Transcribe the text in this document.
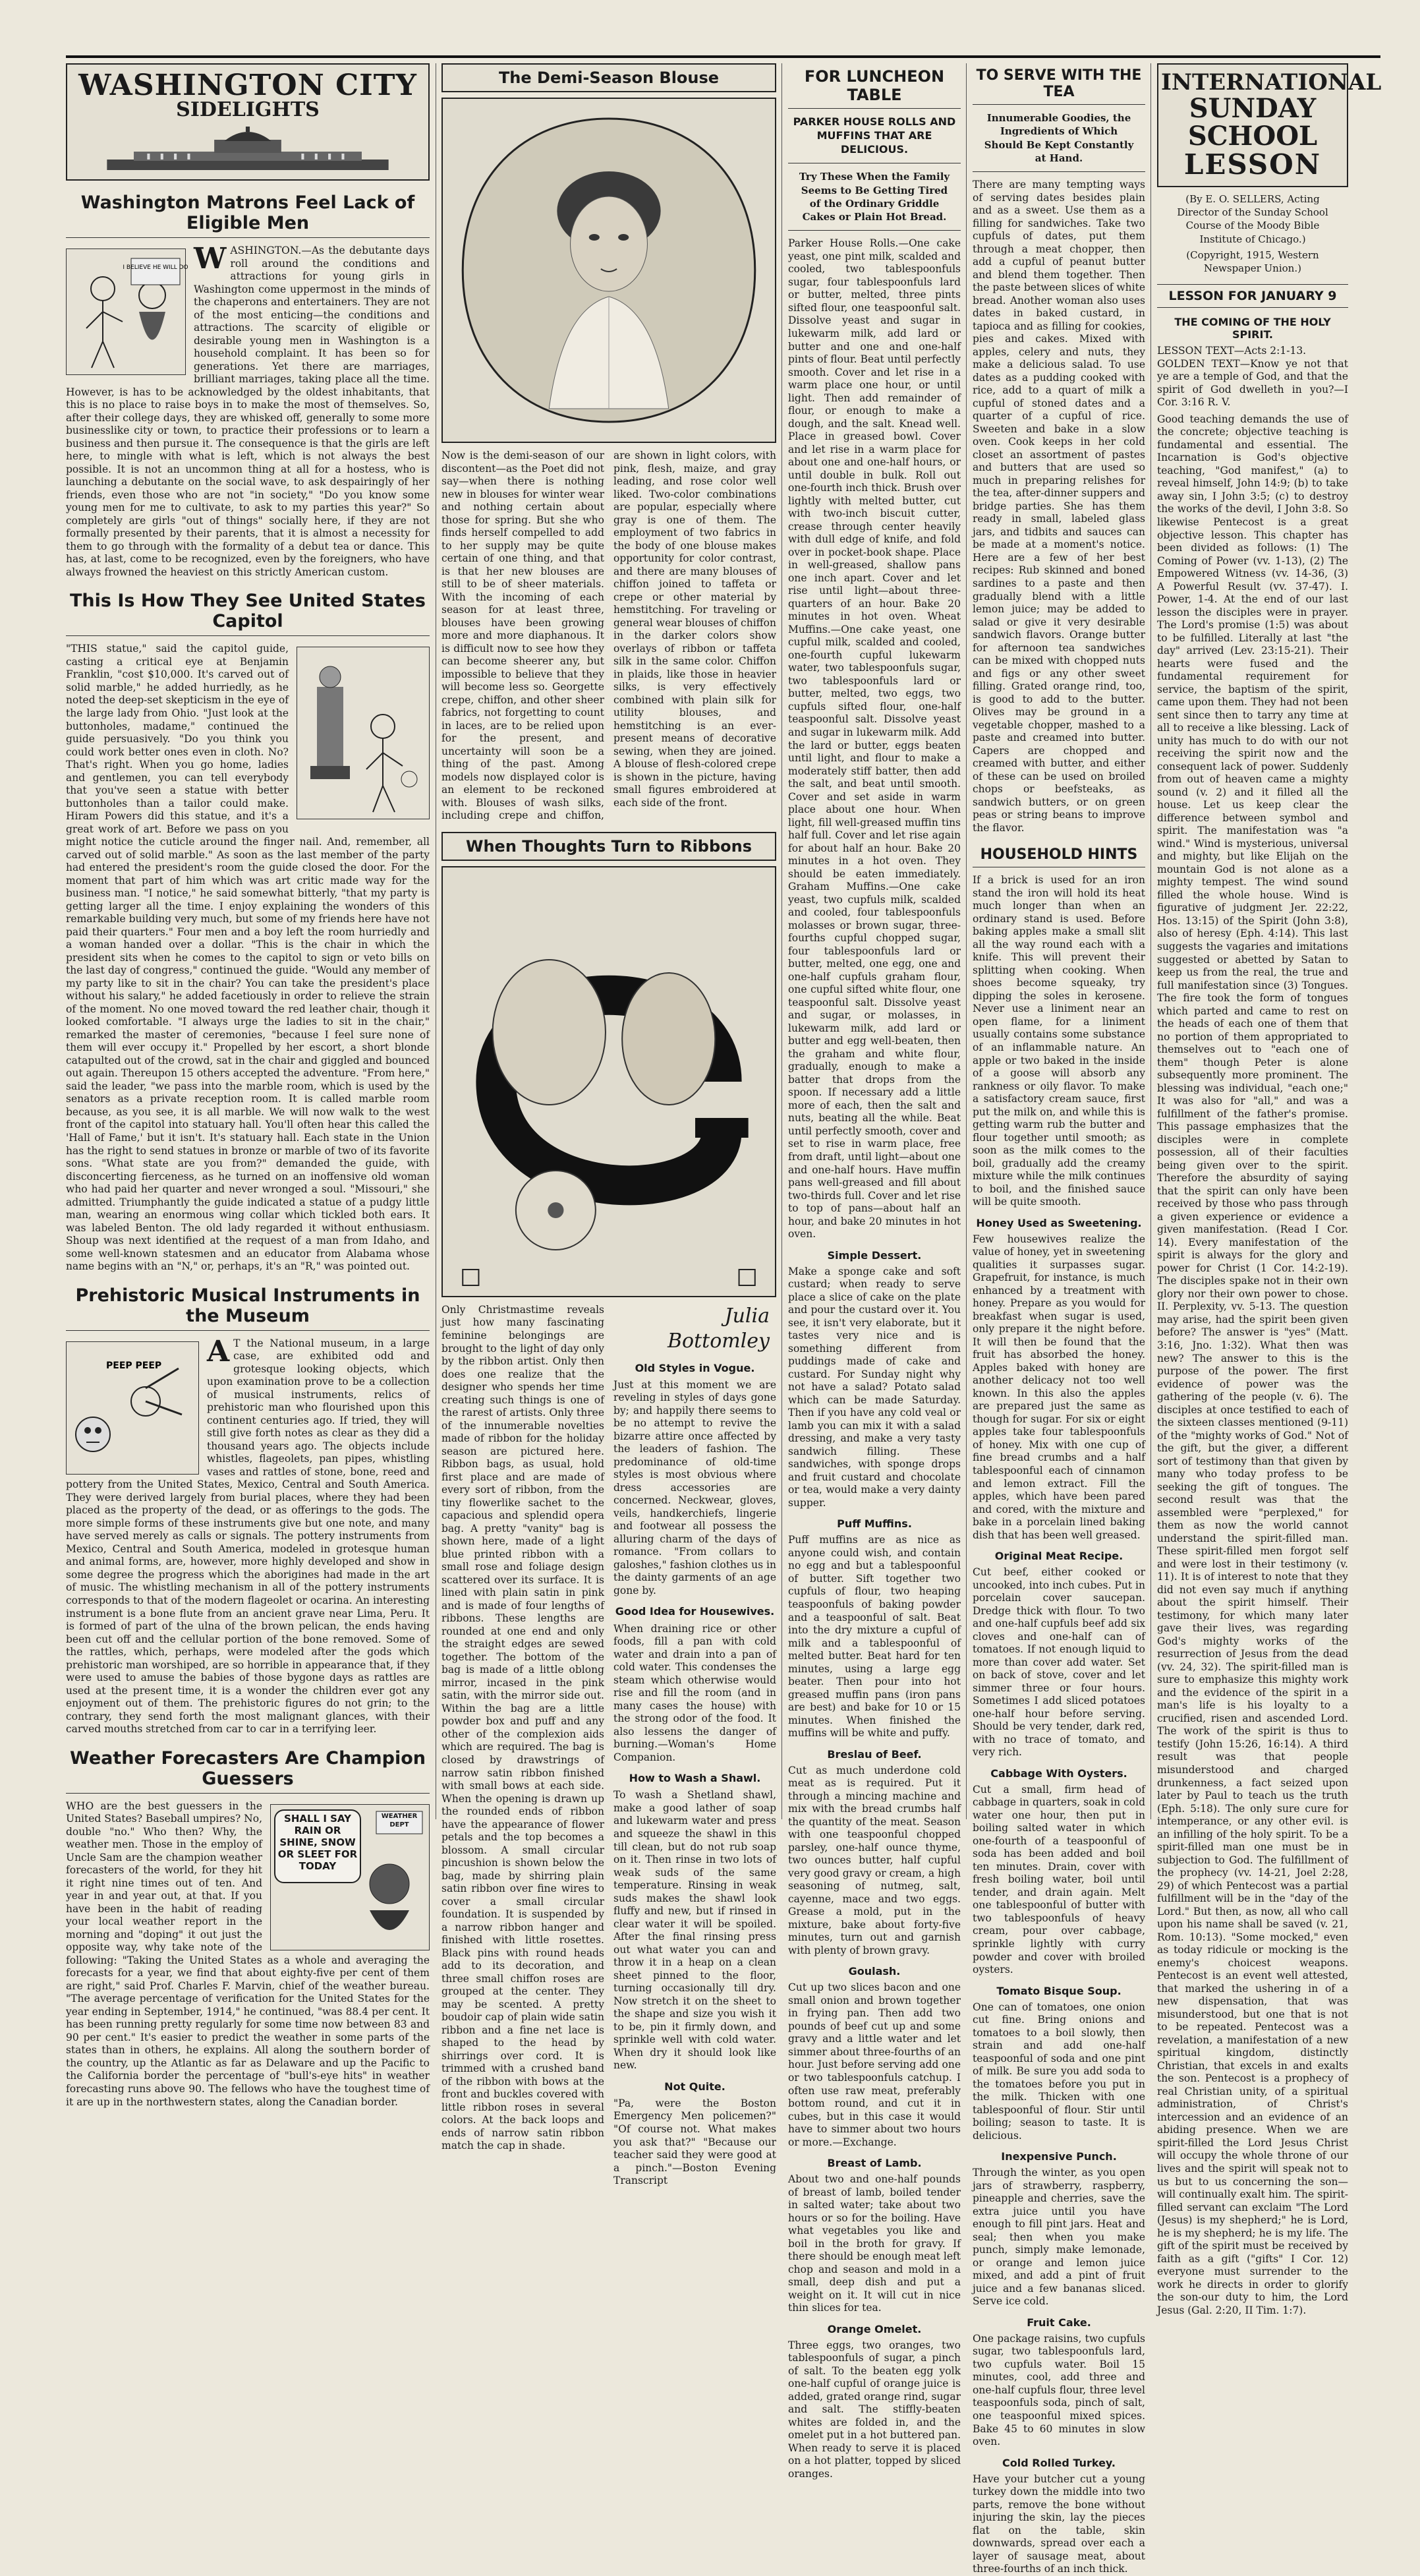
WASHINGTON CITY
SIDELIGHTS
Washington Matrons Feel Lack of Eligible Men
I BELIEVE HE WILL DO W ASHINGTON.—As the debutante days roll around the conditions and attractions for young girls in Washington come uppermost in the minds of the chaperons and entertainers. They are not of the most enticing—the conditions and attractions. The scarcity of eligible or desirable young men in Washington is a household complaint. It has been so for generations. Yet there are marriages, brilliant marriages, taking place all the time. However, is has to be acknowledged by the oldest inhabitants, that this is no place to raise boys in to make the most of themselves. So, after their college days, they are whisked off, generally to some more businesslike city or town, to practice their professions or to learn a business and then pursue it. The consequence is that the girls are left here, to mingle with what is left, which is not always the best possible. It is not an uncommon thing at all for a hostess, who is launching a debutante on the social wave, to ask despairingly of her friends, even those who are not "in society," "Do you know some young men for me to cultivate, to ask to my parties this year?" So completely are girls "out of things" socially here, if they are not formally presented by their parents, that it is almost a necessity for them to go through with the formality of a debut tea or dance. This has, at last, come to be recognized, even by the foreigners, who have always frowned the heaviest on this strictly American custom.
This Is How They See United States Capitol
"THIS statue," said the capitol guide, casting a critical eye at Benjamin Franklin, "cost $10,000. It's carved out of solid marble," he added hurriedly, as he noted the deep-set skepticism in the eye of the large lady from Ohio. "Just look at the buttonholes, madame," continued the guide persuasively. "Do you think you could work better ones even in cloth. No? That's right. When you go home, ladies and gentlemen, you can tell everybody that you've seen a statue with better buttonholes than a tailor could make. Hiram Powers did this statue, and it's a great work of art. Before we pass on you might notice the cuticle around the finger nail. And, remember, all carved out of solid marble." As soon as the last member of the party had entered the president's room the guide closed the door. For the moment that part of him which was art critic made way for the business man. "I notice," he said somewhat bitterly, "that my party is getting larger all the time. I enjoy explaining the wonders of this remarkable building very much, but some of my friends here have not paid their quarters." Four men and a boy left the room hurriedly and a woman handed over a dollar. "This is the chair in which the president sits when he comes to the capitol to sign or veto bills on the last day of congress," continued the guide. "Would any member of my party like to sit in the chair? You can take the president's place without his salary," he added facetiously in order to relieve the strain of the moment. No one moved toward the red leather chair, though it looked comfortable. "I always urge the ladies to sit in the chair," remarked the master of ceremonies, "because I feel sure none of them will ever occupy it." Propelled by her escort, a short blonde catapulted out of the crowd, sat in the chair and giggled and bounced out again. Thereupon 15 others accepted the adventure. "From here," said the leader, "we pass into the marble room, which is used by the senators as a private reception room. It is called marble room because, as you see, it is all marble. We will now walk to the west front of the capitol into statuary hall. You'll often hear this called the 'Hall of Fame,' but it isn't. It's statuary hall. Each state in the Union has the right to send statues in bronze or marble of two of its favorite sons. "What state are you from?" demanded the guide, with disconcerting fierceness, as he turned on an inoffensive old woman who had paid her quarter and never wronged a soul. "Missouri," she admitted. Triumphantly the guide indicated a statue of a pudgy little man, wearing an enormous wing collar which tickled both ears. It was labeled Benton. The old lady regarded it without enthusiasm. Shoup was next identified at the request of a man from Idaho, and some well-known statesmen and an educator from Alabama whose name begins with an "N," or, perhaps, it's an "R," was pointed out.
Prehistoric Musical Instruments in the Museum
PEEP PEEP A T the National museum, in a large case, are exhibited odd and grotesque looking objects, which upon examination prove to be a collection of musical instruments, relics of prehistoric man who flourished upon this continent centuries ago. If tried, they will still give forth notes as clear as they did a thousand years ago. The objects include whistles, flageolets, pan pipes, whistling vases and rattles of stone, bone, reed and pottery from the United States, Mexico, Central and South America. They were derived largely from burial places, where they had been placed as the property of the dead, or as offerings to the gods. The more simple forms of these instruments give but one note, and many have served merely as calls or signals. The pottery instruments from Mexico, Central and South America, modeled in grotesque human and animal forms, are, however, more highly developed and show in some degree the progress which the aborigines had made in the art of music. The whistling mechanism in all of the pottery instruments corresponds to that of the modern flageolet or ocarina. An interesting instrument is a bone flute from an ancient grave near Lima, Peru. It is formed of part of the ulna of the brown pelican, the ends having been cut off and the cellular portion of the bone removed. Some of the rattles, which, perhaps, were modeled after the gods which prehistoric man worshiped, are so horrible in appearance that, if they were used to amuse the babies of those bygone days as rattles are used at the present time, it is a wonder the children ever got any enjoyment out of them. The prehistoric figures do not grin; to the contrary, they send forth the most malignant glances, with their carved mouths stretched from car to car in a terrifying leer.
Weather Forecasters Are Champion Guessers
SHALL I SAY RAIN OR SHINE, SNOW OR SLEET FOR TODAY
WEATHER DEPT
WHO are the best guessers in the United States? Baseball umpires? No, double "no." Who then? Why, the weather men. Those in the employ of Uncle Sam are the champion weather forecasters of the world, for they hit it right nine times out of ten. And year in and year out, at that. If you have been in the habit of reading your local weather report in the morning and "doping" it out just the opposite way, why take note of the following: "Taking the United States as a whole and averaging the forecasts for a year, we find that about eighty-five per cent of them are right," said Prof. Charles F. Marvin, chief of the weather bureau. "The average percentage of verification for the United States for the year ending in September, 1914," he continued, "was 88.4 per cent. It has been running pretty regularly for some time now between 83 and 90 per cent." It's easier to predict the weather in some parts of the states than in others, he explains. All along the southern border of the country, up the Atlantic as far as Delaware and up the Pacific to the California border the percentage of "bull's-eye hits" in weather forecasting runs above 90. The fellows who have the toughest time of it are up in the northwestern states, along the Canadian border.
The Demi-Season Blouse
Now is the demi-season of our discontent—as the Poet did not say—when there is nothing new in blouses for winter wear and nothing certain about those for spring. But she who finds herself compelled to add to her supply may be quite certain of one thing, and that is that her new blouses are still to be of sheer materials. With the incoming of each season for at least three, blouses have been growing more and more diaphanous. It is difficult now to see how they can become sheerer any, but impossible to believe that they will become less so. Georgette crepe, chiffon, and other sheer fabrics, not forgetting to count in laces, are to be relied upon for the present, and uncertainty will soon be a thing of the past. Among models now displayed color is an element to be reckoned with. Blouses of wash silks, including crepe and chiffon, are shown in light colors, with pink, flesh, maize, and gray leading, and rose color well liked. Two-color combinations are popular, especially where gray is one of them. The employment of two fabrics in the body of one blouse makes opportunity for color contrast, and there are many blouses of chiffon joined to taffeta or crepe or other material by hemstitching. For traveling or general wear blouses of chiffon in the darker colors show overlays of ribbon or taffeta silk in the same color. Chiffon in plaids, like those in heavier silks, is very effectively combined with plain silk for utility blouses, and hemstitching is an ever-present means of decorative sewing, when they are joined. A blouse of flesh-colored crepe is shown in the picture, having small figures embroidered at each side of the front.
When Thoughts Turn to Ribbons
Only Christmastime reveals just how many fascinating feminine belongings are brought to the light of day only by the ribbon artist. Only then does one realize that the designer who spends her time creating such things is one of the rarest of artists. Only three of the innumerable novelties made of ribbon for the holiday season are pictured here. Ribbon bags, as usual, hold first place and are made of every sort of ribbon, from the tiny flowerlike sachet to the capacious and splendid opera bag. A pretty "vanity" bag is shown here, made of a light blue printed ribbon with a small rose and foliage design scattered over its surface. It is lined with plain satin in pink and is made of four lengths of ribbons. These lengths are rounded at one end and only the straight edges are sewed together. The bottom of the bag is made of a little oblong mirror, incased in the pink satin, with the mirror side out. Within the bag are a little powder box and puff and any other of the complexion aids which are required. The bag is closed by drawstrings of narrow satin ribbon finished with small bows at each side. When the opening is drawn up the rounded ends of ribbon have the appearance of flower petals and the top becomes a blossom. A small circular pincushion is shown below the bag, made by shirring plain satin ribbon over fine wires to cover a small circular foundation. It is suspended by a narrow ribbon hanger and finished with little rosettes. Black pins with round heads add to its decoration, and three small chiffon roses are grouped at the center. They may be scented. A pretty boudoir cap of plain wide satin ribbon and a fine net lace is shaped to the head by shirrings over cord. It is trimmed with a crushed band of the ribbon with bows at the front and buckles covered with little ribbon roses in several colors. At the back loops and ends of narrow satin ribbon match the cap in shade.
Julia Bottomley
Old Styles in Vogue.
Just at this moment we are reveling in styles of days gone by; and happily there seems to be no attempt to revive the bizarre attire once affected by the leaders of fashion. The predominance of old-time styles is most obvious where dress accessories are concerned. Neckwear, gloves, veils, handkerchiefs, lingerie and footwear all possess the alluring charm of the days of romance. "From collars to galoshes," fashion clothes us in the dainty garments of an age gone by.
Good Idea for Housewives.
When draining rice or other foods, fill a pan with cold water and drain into a pan of cold water. This condenses the steam which otherwise would rise and fill the room (and in many cases the house) with the strong odor of the food. It also lessens the danger of burning.—Woman's Home Companion.
How to Wash a Shawl.
To wash a Shetland shawl, make a good lather of soap and lukewarm water and press and squeeze the shawl in this till clean, but do not rub soap on it. Then rinse in two lots of weak suds of the same temperature. Rinsing in weak suds makes the shawl look fluffy and new, but if rinsed in clear water it will be spoiled. After the final rinsing press out what water you can and throw it in a heap on a clean sheet pinned to the floor, turning occasionally till dry. Now stretch it on the sheet to the shape and size you wish it to be, pin it firmly down, and sprinkle well with cold water. When dry it should look like new.
Not Quite.
"Pa, were the Boston Emergency Men policemen?" "Of course not. What makes you ask that?" "Because our teacher said they were good at a pinch."—Boston Evening Transcript
FOR LUNCHEON TABLE
PARKER HOUSE ROLLS AND MUFFINS THAT ARE DELICIOUS.
Try These When the Family Seems to Be Getting Tired of the Ordinary Griddle Cakes or Plain Hot Bread.
Parker House Rolls.—One cake yeast, one pint milk, scalded and cooled, two tablespoonfuls sugar, four tablespoonfuls lard or butter, melted, three pints sifted flour, one teaspoonful salt. Dissolve yeast and sugar in lukewarm milk, add lard or butter and one and one-half pints of flour. Beat until perfectly smooth. Cover and let rise in a warm place one hour, or until light. Then add remainder of flour, or enough to make a dough, and the salt. Knead well. Place in greased bowl. Cover and let rise in a warm place for about one and one-half hours, or until double in bulk. Roll out one-fourth inch thick. Brush over lightly with melted butter, cut with two-inch biscuit cutter, crease through center heavily with dull edge of knife, and fold over in pocket-book shape. Place in well-greased, shallow pans one inch apart. Cover and let rise until light—about three-quarters of an hour. Bake 20 minutes in hot oven. Wheat Muffins.—One cake yeast, one cupful milk, scalded and cooled, one-fourth cupful lukewarm water, two tablespoonfuls sugar, two tablespoonfuls lard or butter, melted, two eggs, two cupfuls sifted flour, one-half teaspoonful salt. Dissolve yeast and sugar in lukewarm milk. Add the lard or butter, eggs beaten until light, and flour to make a moderately stiff batter, then add the salt, and beat until smooth. Cover and set aside in warm place about one hour. When light, fill well-greased muffin tins half full. Cover and let rise again for about half an hour. Bake 20 minutes in a hot oven. They should be eaten immediately. Graham Muffins.—One cake yeast, two cupfuls milk, scalded and cooled, four tablespoonfuls molasses or brown sugar, three-fourths cupful chopped sugar, four tablespoonfuls lard or butter, melted, one egg, one and one-half cupfuls graham flour, one cupful sifted white flour, one teaspoonful salt. Dissolve yeast and sugar, or molasses, in lukewarm milk, add lard or butter and egg well-beaten, then the graham and white flour, gradually, enough to make a batter that drops from the spoon. If necessary add a little more of each, then the salt and nuts, beating all the while. Beat until perfectly smooth, cover and set to rise in warm place, free from draft, until light—about one and one-half hours. Have muffin pans well-greased and fill about two-thirds full. Cover and let rise to top of pans—about half an hour, and bake 20 minutes in hot oven.
Simple Dessert.
Make a sponge cake and soft custard; when ready to serve place a slice of cake on the plate and pour the custard over it. You see, it isn't very elaborate, but it tastes very nice and is something different from puddings made of cake and custard. For Sunday night why not have a salad? Potato salad which can be made Saturday. Then if you have any cold veal or lamb you can mix it with a salad dressing, and make a very tasty sandwich filling. These sandwiches, with sponge drops and fruit custard and chocolate or tea, would make a very dainty supper.
Puff Muffins.
Puff muffins are as nice as anyone could wish, and contain no egg and but a tablespoonful of butter. Sift together two cupfuls of flour, two heaping teaspoonfuls of baking powder and a teaspoonful of salt. Beat into the dry mixture a cupful of milk and a tablespoonful of melted butter. Beat hard for ten minutes, using a large egg beater. Then pour into hot greased muffin pans (iron pans are best) and bake for 10 or 15 minutes. When finished the muffins will be white and puffy.
Breslau of Beef.
Cut as much underdone cold meat as is required. Put it through a mincing machine and mix with the bread crumbs half the quantity of the meat. Season with one teaspoonful chopped parsley, one-half ounce thyme, two ounces butter, half cupful very good gravy or cream, a high seasoning of nutmeg, salt, cayenne, mace and two eggs. Grease a mold, put in the mixture, bake about forty-five minutes, turn out and garnish with plenty of brown gravy.
Goulash.
Cut up two slices bacon and one small onion and brown together in frying pan. Then add two pounds of beef cut up and some gravy and a little water and let simmer about three-fourths of an hour. Just before serving add one or two tablespoonfuls catchup. I often use raw meat, preferably bottom round, and cut it in cubes, but in this case it would have to simmer about two hours or more.—Exchange.
Breast of Lamb.
About two and one-half pounds of breast of lamb, boiled tender in salted water; take about two hours or so for the boiling. Have what vegetables you like and boil in the broth for gravy. If there should be enough meat left chop and season and mold in a small, deep dish and put a weight on it. It will cut in nice thin slices for tea.
Orange Omelet.
Three eggs, two oranges, two tablespoonfuls of sugar, a pinch of salt. To the beaten egg yolk one-half cupful of orange juice is added, grated orange rind, sugar and salt. The stiffly-beaten whites are folded in, and the omelet put in a hot buttered pan. When ready to serve it is placed on a hot platter, topped by sliced oranges.
TO SERVE WITH THE TEA
Innumerable Goodies, the Ingredients of Which Should Be Kept Constantly at Hand.
There are many tempting ways of serving dates besides plain and as a sweet. Use them as a filling for sandwiches. Take two cupfuls of dates, put them through a meat chopper, then add a cupful of peanut butter and blend them together. Then the paste between slices of white bread. Another woman also uses dates in baked custard, in tapioca and as filling for cookies, pies and cakes. Mixed with apples, celery and nuts, they make a delicious salad. To use dates as a pudding cooked with rice, add to a quart of milk a cupful of stoned dates and a quarter of a cupful of rice. Sweeten and bake in a slow oven. Cook keeps in her cold closet an assortment of pastes and butters that are used so much in preparing relishes for the tea, after-dinner suppers and bridge parties. She has them ready in small, labeled glass jars, and tidbits and sauces can be made at a moment's notice. Here are a few of her best recipes: Rub skinned and boned sardines to a paste and then gradually blend with a little lemon juice; may be added to salad or give it very desirable sandwich flavors. Orange butter for afternoon tea sandwiches can be mixed with chopped nuts and figs or any other sweet filling. Grated orange rind, too, is good to add to the butter. Olives may be ground in a vegetable chopper, mashed to a paste and creamed into butter. Capers are chopped and creamed with butter, and either of these can be used on broiled chops or beefsteaks, as sandwich butters, or on green peas or string beans to improve the flavor.
HOUSEHOLD HINTS
If a brick is used for an iron stand the iron will hold its heat much longer than when an ordinary stand is used. Before baking apples make a small slit all the way round each with a knife. This will prevent their splitting when cooking. When shoes become squeaky, try dipping the soles in kerosene. Never use a liniment near an open flame, for a liniment usually contains some substance of an inflammable nature. An apple or two baked in the inside of a goose will absorb any rankness or oily flavor. To make a satisfactory cream sauce, first put the milk on, and while this is getting warm rub the butter and flour together until smooth; as soon as the milk comes to the boil, gradually add the creamy mixture while the milk continues to boil, and the finished sauce will be quite smooth.
Honey Used as Sweetening.
Few housewives realize the value of honey, yet in sweetening qualities it surpasses sugar. Grapefruit, for instance, is much enhanced by a treatment with honey. Prepare as you would for breakfast when sugar is used, only prepare it the night before. It will then be found that the fruit has absorbed the honey. Apples baked with honey are another delicacy not too well known. In this also the apples are prepared just the same as though for sugar. For six or eight apples take four tablespoonfuls of honey. Mix with one cup of fine bread crumbs and a half tablespoonful each of cinnamon and lemon extract. Fill the apples, which have been pared and cored, with the mixture and bake in a porcelain lined baking dish that has been well greased.
Original Meat Recipe.
Cut beef, either cooked or uncooked, into inch cubes. Put in porcelain cover saucepan. Dredge thick with flour. To two and one-half cupfuls beef add six cloves and one-half can of tomatoes. If not enough liquid to more than cover add water. Set on back of stove, cover and let simmer three or four hours. Sometimes I add sliced potatoes one-half hour before serving. Should be very tender, dark red, with no trace of tomato, and very rich.
Cabbage With Oysters.
Cut a small, firm head of cabbage in quarters, soak in cold water one hour, then put in boiling salted water in which one-fourth of a teaspoonful of soda has been added and boil ten minutes. Drain, cover with fresh boiling water, boil until tender, and drain again. Melt one tablespoonful of butter with two tablespoonfuls of heavy cream, pour over cabbage, sprinkle lightly with curry powder and cover with broiled oysters.
Tomato Bisque Soup.
One can of tomatoes, one onion cut fine. Bring onions and tomatoes to a boil slowly, then strain and add one-half teaspoonful of soda and one pint of milk. Be sure you add soda to the tomatoes before you put in the milk. Thicken with one tablespoonful of flour. Stir until boiling; season to taste. It is delicious.
Inexpensive Punch.
Through the winter, as you open jars of strawberry, raspberry, pineapple and cherries, save the extra juice until you have enough to fill pint jars. Heat and seal; then when you make punch, simply make lemonade, or orange and lemon juice mixed, and add a pint of fruit juice and a few bananas sliced. Serve ice cold.
Fruit Cake.
One package raisins, two cupfuls sugar, two tablespoonfuls lard, two cupfuls water. Boil 15 minutes, cool, add three and one-half cupfuls flour, three level teaspoonfuls soda, pinch of salt, one teaspoonful mixed spices. Bake 45 to 60 minutes in slow oven.
Cold Rolled Turkey.
Have your butcher cut a young turkey down the middle into two parts, remove the bone without injuring the skin, lay the pieces flat on the table, skin downwards, spread over each a layer of sausage meat, about three-fourths of an inch thick.
INTERNATIONAL
SUNDAY SCHOOL
LESSON
(By E. O. SELLERS, Acting Director of the Sunday School Course of the Moody Bible Institute of Chicago.)
(Copyright, 1915, Western Newspaper Union.)
LESSON FOR JANUARY 9
THE COMING OF THE HOLY SPIRIT.
LESSON TEXT—Acts 2:1-13.
GOLDEN TEXT—Know ye not that ye are a temple of God, and that the spirit of God dwelleth in you?—I Cor. 3:16 R. V.
Good teaching demands the use of the concrete; objective teaching is fundamental and essential. The Incarnation is God's objective teaching, "God manifest," (a) to reveal himself, John 14:9; (b) to take away sin, I John 3:5; (c) to destroy the works of the devil, I John 3:8. So likewise Pentecost is a great objective lesson. This chapter has been divided as follows: (1) The Coming of Power (vv. 1-13), (2) The Empowered Witness (vv. 14-36, (3) A Powerful Result (vv. 37-47). I. Power, 1-4. At the end of our last lesson the disciples were in prayer. The Lord's promise (1:5) was about to be fulfilled. Literally at last "the day" arrived (Lev. 23:15-21). Their hearts were fused and the fundamental requirement for service, the baptism of the spirit, came upon them. They had not been sent since then to tarry any time at all to receive a like blessing. Lack of unity has much to do with our not receiving the spirit now and the consequent lack of power. Suddenly from out of heaven came a mighty sound (v. 2) and it filled all the house. Let us keep clear the difference between symbol and spirit. The manifestation was "a wind." Wind is mysterious, universal and mighty, but like Elijah on the mountain God is not alone as a mighty tempest. The wind sound filled the whole house. Wind is figurative of judgment Jer. 22:22, Hos. 13:15) of the Spirit (John 3:8), also of heresy (Eph. 4:14). This last suggests the vagaries and imitations suggested or abetted by Satan to keep us from the real, the true and full manifestation since (3) Tongues. The fire took the form of tongues which parted and came to rest on the heads of each one of them that no portion of them appropriated to themselves out to "each one of them" though Peter is alone subsequently more prominent. The blessing was individual, "each one;" It was also for "all," and was a fulfillment of the father's promise. This passage emphasizes that the disciples were in complete possession, all of their faculties being given over to the spirit. Therefore the absurdity of saying that the spirit can only have been received by those who pass through a given experience or evidence a given manifestation. (Read I Cor. 14). Every manifestation of the spirit is always for the glory and power for Christ (1 Cor. 14:2-19). The disciples spake not in their own glory nor their own power to chose. II. Perplexity, vv. 5-13. The question may arise, had the spirit been given before? The answer is "yes" (Matt. 3:16, Jno. 1:32). What then was new? The answer to this is the purpose of the power. The first evidence of power was the gathering of the people (v. 6). The disciples at once testified to each of the sixteen classes mentioned (9-11) of the "mighty works of God." Not of the gift, but the giver, a different sort of testimony than that given by many who today profess to be seeking the gift of tongues. The second result was that the assembled were "perplexed," for them as now the world cannot understand the spirit-filled man. These spirit-filled men forgot self and were lost in their testimony (v. 11). It is of interest to note that they did not even say much if anything about the spirit himself. Their testimony, for which many later gave their lives, was regarding God's mighty works of the resurrection of Jesus from the dead (vv. 24, 32). The spirit-filled man is sure to emphasize this mighty work and the evidence of the spirit in a man's life is his loyalty to a crucified, risen and ascended Lord. The work of the spirit is thus to testify (John 15:26, 16:14). A third result was that people misunderstood and charged drunkenness, a fact seized upon later by Paul to teach us the truth (Eph. 5:18). The only sure cure for intemperance, or any other evil. is an infilling of the holy spirit. To be a spirit-filled man one must be in subjection to God. The fulfillment of the prophecy (vv. 14-21, Joel 2:28, 29) of which Pentecost was a partial fulfillment will be in the "day of the Lord." But then, as now, all who call upon his name shall be saved (v. 21, Rom. 10:13). "Some mocked," even as today ridicule or mocking is the enemy's choicest weapons. Pentecost is an event well attested, that marked the ushering in of a new dispensation, that was misunderstood, but one that is not to be repeated. Pentecost was a revelation, a manifestation of a new spiritual kingdom, distinctly Christian, that excels in and exalts the son. Pentecost is a prophecy of real Christian unity, of a spiritual administration, of Christ's intercession and an evidence of an abiding presence. When we are spirit-filled the Lord Jesus Christ will occupy the whole throne of our lives and the spirit will speak not to us but to us concerning the son—will continually exalt him. The spirit-filled servant can exclaim "The Lord (Jesus) is my shepherd;" he is Lord, he is my shepherd; he is my life. The gift of the spirit must be received by faith as a gift ("gifts" I Cor. 12) everyone must surrender to the work he directs in order to glorify the son-our duty to him, the Lord Jesus (Gal. 2:20, II Tim. 1:7).
